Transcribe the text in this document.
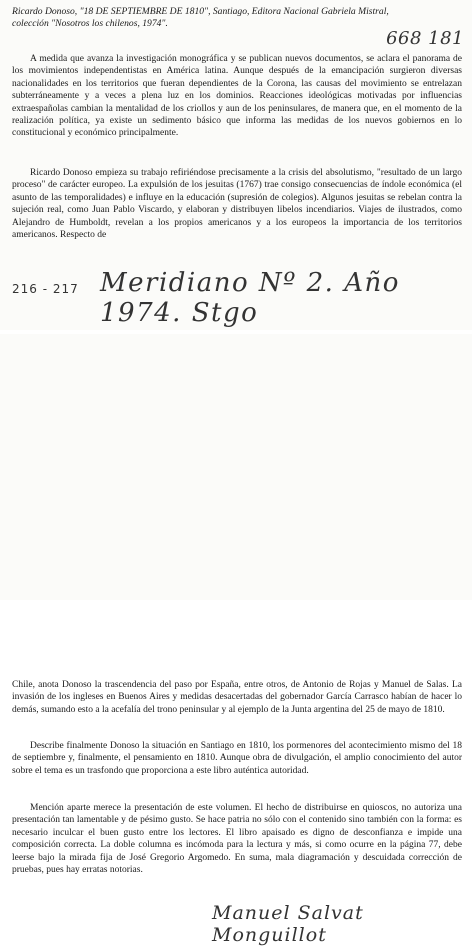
Ricardo Donoso, "18 DE SEPTIEMBRE DE 1810", Santiago, Editora Nacional Gabriela Mistral, colección "Nosotros los chilenos, 1974".
668 181

A medida que avanza la investigación monográfica y se publican nuevos documentos, se aclara el panorama de los movimientos independentistas en América latina. Aunque después de la emancipación surgieron diversas nacionalidades en los territorios que fueran dependientes de la Corona, las causas del movimiento se entrelazan subterráneamente y a veces a plena luz en los dominios. Reacciones ideológicas motivadas por influencias extraespañolas cambian la mentalidad de los criollos y aun de los peninsulares, de manera que, en el momento de la realización política, ya existe un sedimento básico que informa las medidas de los nuevos gobiernos en lo constitucional y económico principalmente.

Ricardo Donoso empieza su trabajo refiriéndose precisamente a la crisis del absolutismo, "resultado de un largo proceso" de carácter europeo. La expulsión de los jesuitas (1767) trae consigo consecuencias de índole económica (el asunto de las temporalidades) e influye en la educación (supresión de colegios). Algunos jesuitas se rebelan contra la sujeción real, como Juan Pablo Viscardo, y elaboran y distribuyen libelos incendiarios. Viajes de ilustrados, como Alejandro de Humboldt, revelan a los propios americanos y a los europeos la importancia de los territorios americanos. Respecto de

216 - 217 Meridiano Nº 2. Año 1974. Stgo

Chile, anota Donoso la trascendencia del paso por España, entre otros, de Antonio de Rojas y Manuel de Salas. La invasión de los ingleses en Buenos Aires y medidas desacertadas del gobernador García Carrasco habían de hacer lo demás, sumando esto a la acefalía del trono peninsular y al ejemplo de la Junta argentina del 25 de mayo de 1810.

Describe finalmente Donoso la situación en Santiago en 1810, los pormenores del acontecimiento mismo del 18 de septiembre y, finalmente, el pensamiento en 1810. Aunque obra de divulgación, el amplio conocimiento del autor sobre el tema es un trasfondo que proporciona a este libro auténtica autoridad.

Mención aparte merece la presentación de este volumen. El hecho de distribuirse en quioscos, no autoriza una presentación tan lamentable y de pésimo gusto. Se hace patria no sólo con el contenido sino también con la forma: es necesario inculcar el buen gusto entre los lectores. El libro apaisado es digno de desconfianza e impide una composición correcta. La doble columna es incómoda para la lectura y más, si como ocurre en la página 77, debe leerse bajo la mirada fija de José Gregorio Argomedo. En suma, mala diagramación y descuidada corrección de pruebas, pues hay erratas notorias.

Manuel Salvat Monguillot
